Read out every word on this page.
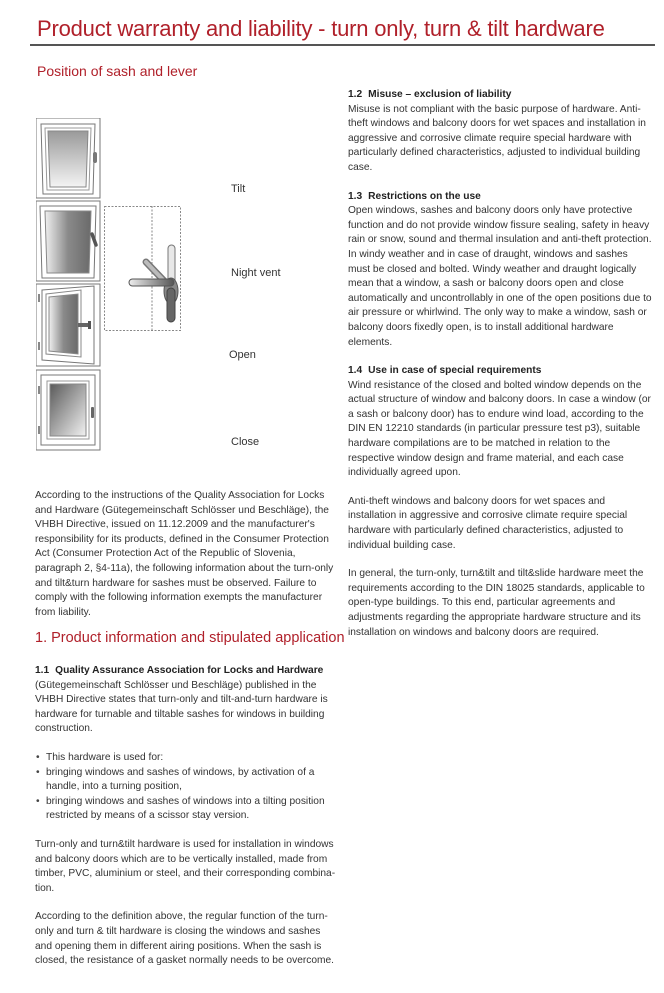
Product warranty and liability - turn only, turn & tilt hardware
Position of sash and lever
Tilt
Night vent
Open
Close
According to the instructions of the Quality Association for Locks and Hardware (Gütegemeinschaft Schlösser und Beschläge), the VHBH Directive, issued on 11.12.2009 and the manufacturer's responsibility for its products, defined in the Consumer Protection Act (Consumer Protection Act of the Republic of Slovenia, paragraph 2, §4-11a), the following information about the turn-only and tilt&turn hardware for sashes must be observed. Failure to comply with the following information exempts the manufacturer from liability.
1. Product information and stipulated application
1.1 Quality Assurance Association for Locks and Hardware
(Gütegemeinschaft Schlösser und Beschläge) published in the VHBH Directive states that turn-only and tilt-and-turn hardware is hardware for turnable and tiltable sashes for windows in building construction.
• This hardware is used for:
• bringing windows and sashes of windows, by activation of a handle, into a turning position,
• bringing windows and sashes of windows into a tilting position restricted by means of a scissor stay version.
Turn-only and turn&tilt hardware is used for installation in windows and balcony doors which are to be vertically installed, made from timber, PVC, aluminium or steel, and their corresponding combina-tion.
According to the definition above, the regular function of the turn-only and turn & tilt hardware is closing the windows and sashes and opening them in different airing positions. When the sash is closed, the resistance of a gasket normally needs to be overcome.
1.2 Misuse – exclusion of liability
Misuse is not compliant with the basic purpose of hardware. Anti-theft windows and balcony doors for wet spaces and installation in aggressive and corrosive climate require special hardware with particularly defined characteristics, adjusted to individual building case.
1.3 Restrictions on the use
Open windows, sashes and balcony doors only have protective function and do not provide window fissure sealing, safety in heavy rain or snow, sound and thermal insulation and anti-theft protection. In windy weather and in case of draught, windows and sashes must be closed and bolted. Windy weather and draught logically mean that a window, a sash or balcony doors open and close automatically and uncontrollably in one of the open positions due to air pressure or whirlwind. The only way to make a window, sash or balcony doors fixedly open, is to install additional hardware elements.
1.4 Use in case of special requirements
Wind resistance of the closed and bolted window depends on the actual structure of window and balcony doors. In case a window (or a sash or balcony door) has to endure wind load, according to the DIN EN 12210 standards (in particular pressure test p3), suitable hardware compilations are to be matched in relation to the respective window design and frame material, and each case individually agreed upon.
Anti-theft windows and balcony doors for wet spaces and installation in aggressive and corrosive climate require special hardware with particularly defined characteristics, adjusted to individual building case.
In general, the turn-only, turn&tilt and tilt&slide hardware meet the requirements according to the DIN 18025 standards, applicable to open-type buildings. To this end, particular agreements and adjustments regarding the appropriate hardware structure and its installation on windows and balcony doors are required.
